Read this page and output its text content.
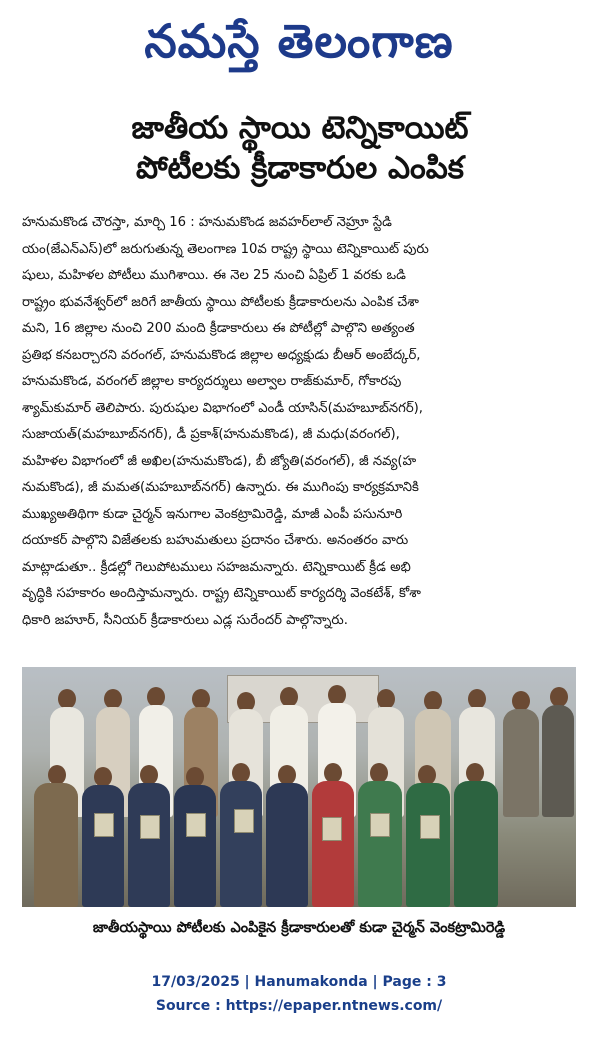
నమస్తే తెలంగాణ
జాతీయ స్థాయి టెన్నికాయిట్
పోటీలకు క్రీడాకారుల ఎంపిక
హనుమకొండ చౌరస్తా, మార్చి 16 : హనుమకొండ జవహర్‌లాల్ నెహ్రూ స్టేడి
యం(జేఎన్ఎస్)లో జరుగుతున్న తెలంగాణ 10వ రాష్ట్ర స్థాయి టెన్నికాయిట్ పురు
షులు, మహిళల పోటీలు ముగిశాయి. ఈ నెల 25 నుంచి ఏప్రిల్ 1 వరకు ఒడి
రాష్ట్రం భువనేశ్వర్‌లో జరిగే జాతీయ స్థాయి పోటీలకు క్రీడాకారులను ఎంపిక చేశా
మని, 16 జిల్లాల నుంచి 200 మంది క్రీడాకారులు ఈ పోటీల్లో పాల్గొని అత్యంత
ప్రతిభ కనబర్చారని వరంగల్, హనుమకొండ జిల్లాల అధ్యక్షుడు బీఆర్ అంబేద్కర్,
హనుమకొండ, వరంగల్ జిల్లాల కార్యదర్శులు అల్వాల రాజ్‌కుమార్, గోకారపు
శ్యామ్‌కుమార్ తెలిపారు. పురుషుల విభాగంలో ఎండీ యాసిన్(మహబూబ్‌నగర్),
సుజాయత్(మహబూబ్‌నగర్), డీ ప్రకాశ్(హనుమకొండ), జీ మధు(వరంగల్),
మహిళల విభాగంలో జీ అఖిల(హనుమకొండ), బీ జ్యోతి(వరంగల్), జీ నవ్య(హ
నుమకొండ), జీ మమత(మహబూబ్‌నగర్) ఉన్నారు. ఈ ముగింపు కార్యక్రమానికి
ముఖ్యఅతిథిగా కుడా చైర్మన్ ఇనుగాల వెంకట్రామిరెడ్డి, మాజీ ఎంపీ పసునూరి
దయాకర్ పాల్గొని విజేతలకు బహుమతులు ప్రదానం చేశారు. అనంతరం వారు
మాట్లాడుతూ.. క్రీడల్లో గెలుపోటములు సహజమన్నారు. టెన్నికాయిట్ క్రీడ అభి
వృద్ధికి సహకారం అందిస్తామన్నారు. రాష్ట్ర టెన్నికాయిట్ కార్యదర్శి వెంకటేశ్, కోశా
ధికారి జహూర్, సీనియర్ క్రీడాకారులు ఎడ్ల సురేందర్ పాల్గొన్నారు.
జాతీయస్థాయి పోటీలకు ఎంపికైన క్రీడాకారులతో కుడా చైర్మన్ వెంకట్రామిరెడ్డి
17/03/2025 | Hanumakonda | Page : 3
Source : https://epaper.ntnews.com/
